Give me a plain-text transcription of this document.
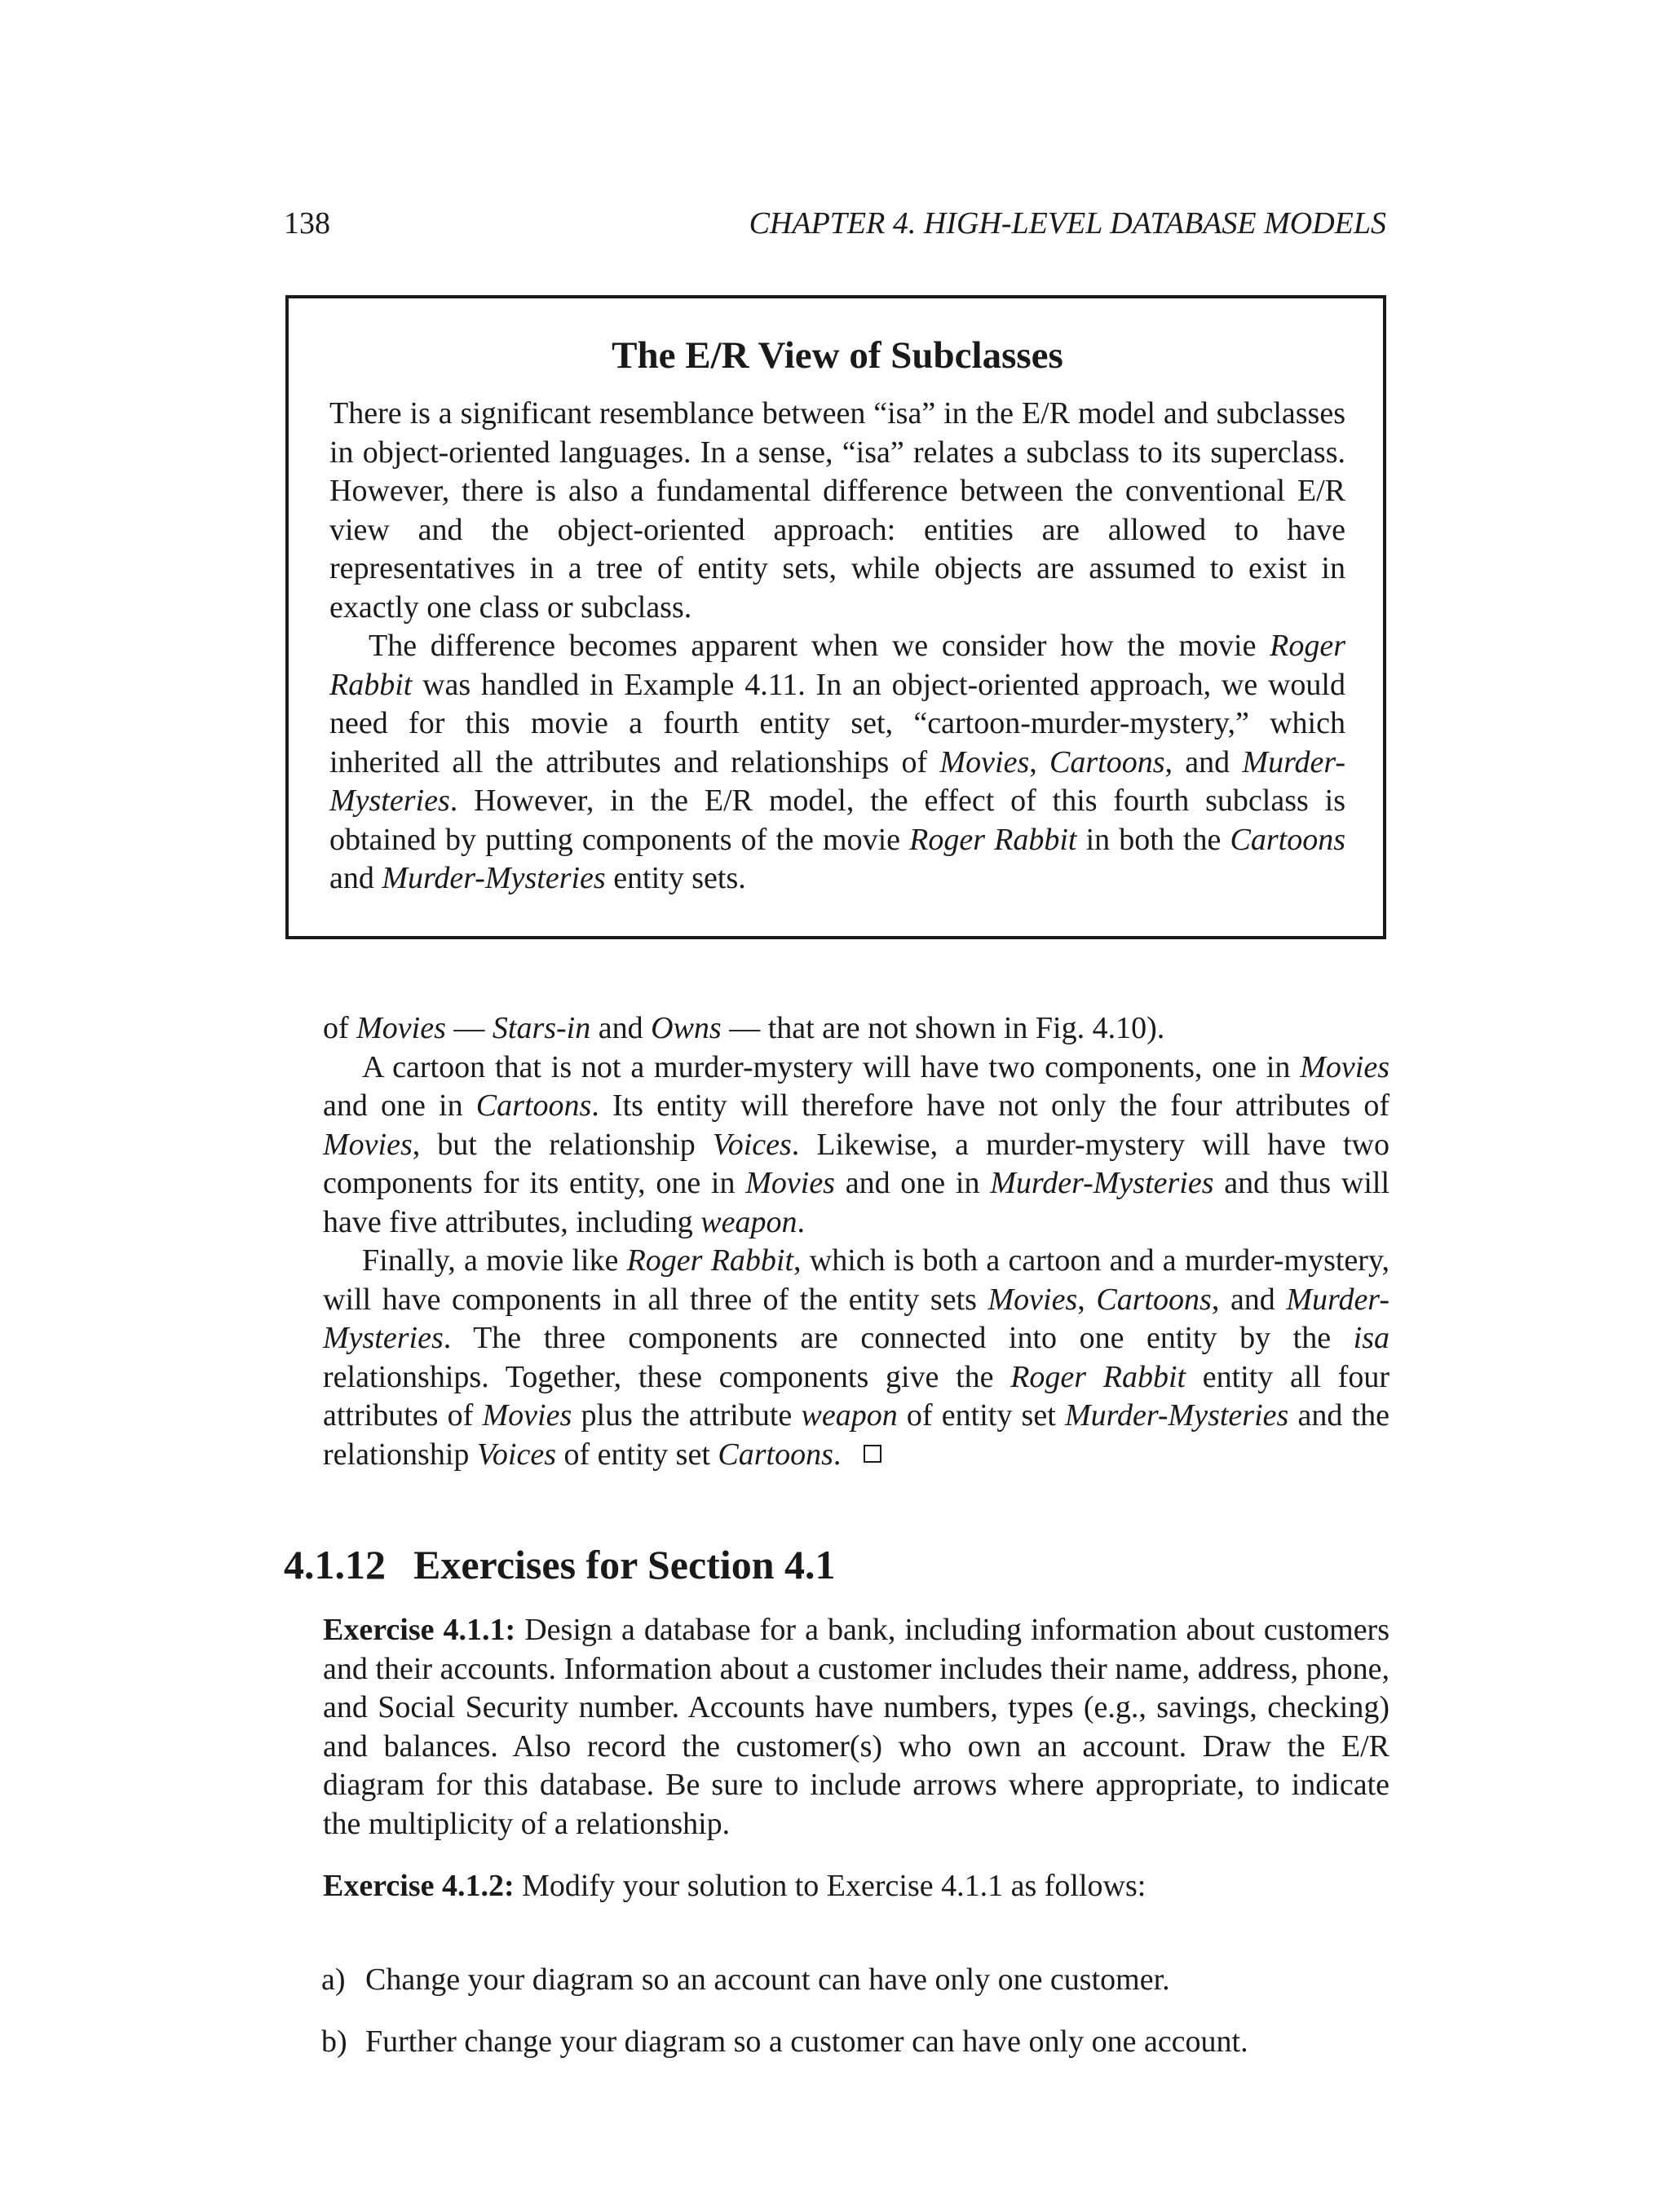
138	CHAPTER 4. HIGH-LEVEL DATABASE MODELS
The E/R View of Subclasses

There is a significant resemblance between “isa” in the E/R model and subclasses in object-oriented languages. In a sense, “isa” relates a subclass to its superclass. However, there is also a fundamental difference between the conventional E/R view and the object-oriented approach: entities are allowed to have representatives in a tree of entity sets, while objects are assumed to exist in exactly one class or subclass.

The difference becomes apparent when we consider how the movie Roger Rabbit was handled in Example 4.11. In an object-oriented approach, we would need for this movie a fourth entity set, “cartoon-murder-mystery,” which inherited all the attributes and relationships of Movies, Cartoons, and Murder-Mysteries. However, in the E/R model, the effect of this fourth subclass is obtained by putting components of the movie Roger Rabbit in both the Cartoons and Murder-Mysteries entity sets.

of Movies — Stars-in and Owns — that are not shown in Fig. 4.10).

A cartoon that is not a murder-mystery will have two components, one in Movies and one in Cartoons. Its entity will therefore have not only the four attributes of Movies, but the relationship Voices. Likewise, a murder-mystery will have two components for its entity, one in Movies and one in Murder-Mysteries and thus will have five attributes, including weapon.

Finally, a movie like Roger Rabbit, which is both a cartoon and a murder-mystery, will have components in all three of the entity sets Movies, Cartoons, and Murder-Mysteries. The three components are connected into one entity by the isa relationships. Together, these components give the Roger Rabbit entity all four attributes of Movies plus the attribute weapon of entity set Murder-Mysteries and the relationship Voices of entity set Cartoons.

4.1.12 Exercises for Section 4.1

Exercise 4.1.1: Design a database for a bank, including information about customers and their accounts. Information about a customer includes their name, address, phone, and Social Security number. Accounts have numbers, types (e.g., savings, checking) and balances. Also record the customer(s) who own an account. Draw the E/R diagram for this database. Be sure to include arrows where appropriate, to indicate the multiplicity of a relationship.

Exercise 4.1.2: Modify your solution to Exercise 4.1.1 as follows:

a) Change your diagram so an account can have only one customer.
b) Further change your diagram so a customer can have only one account.
